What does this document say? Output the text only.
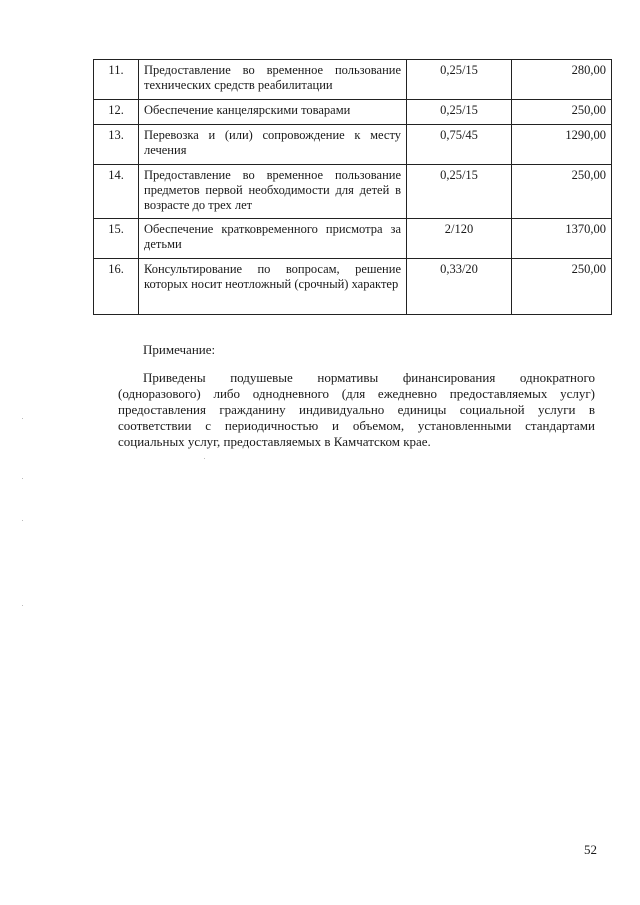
11.	Предоставление во временное пользование технических средств реабилитации	0,25/15	280,00
12.	Обеспечение канцелярскими товарами	0,25/15	250,00
13.	Перевозка и (или) сопровождение к месту лечения	0,75/45	1290,00
14.	Предоставление во временное пользование предметов первой необходимости для детей в возрасте до трех лет	0,25/15	250,00
15.	Обеспечение кратковременного присмотра за детьми	2/120	1370,00
16.	Консультирование по вопросам, решение которых носит неотложный (срочный) характер	0,33/20	250,00
Примечание:

Приведены подушевые нормативы финансирования однократного (одноразового) либо однодневного (для ежедневно предоставляемых услуг) предоставления гражданину индивидуально единицы социальной услуги в соответствии с периодичностью и объемом, установленными стандартами социальных услуг, предоставляемых в Камчатском крае.

52
